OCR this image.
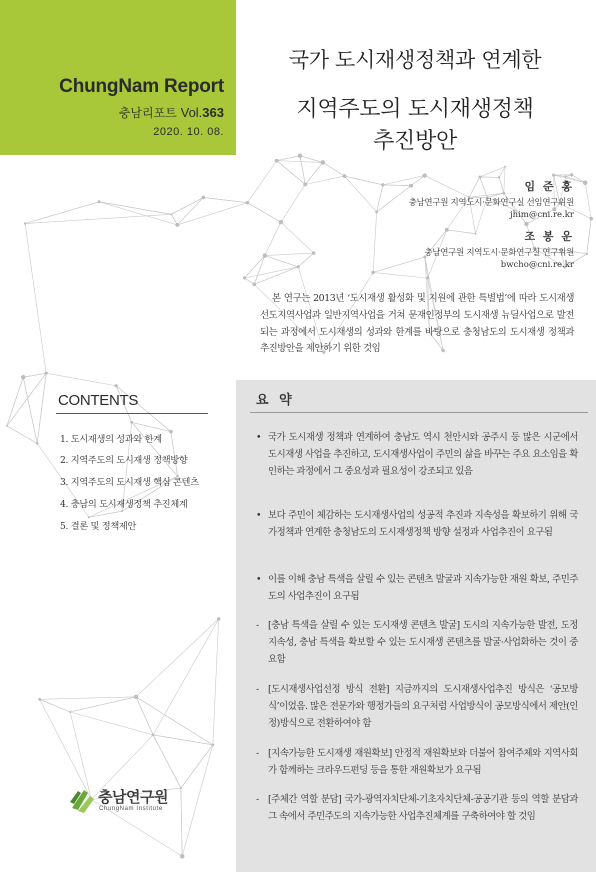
ChungNam Report
충남리포트 Vol.363
2020. 10. 08.
국가 도시재생정책과 연계한
지역주도의 도시재생정책
추진방안
임 준 홍
충남연구원 지역도시·문화연구실 선임연구위원
jhim@cni.re.kr
조 봉 운
충남연구원 지역도시·문화연구실 연구위원
bwcho@cni.re.kr
본 연구는 2013년 ‘도시재생 활성화 및 지원에 관한 특별법’에 따라 도시재생 선도지역사업과 일반지역사업을 거쳐 문재인정부의 도시재생 뉴딜사업으로 발전되는 과정에서 도시재생의 성과와 한계를 바탕으로 충청남도의 도시재생 정책과 추진방안을 제안하기 위한 것임
CONTENTS
1. 도시재생의 성과와 한계
2. 지역주도의 도시재생 정책방향
3. 지역주도의 도시재생 핵심 콘텐츠
4. 충남의 도시재생정책 추진체계
5. 결론 및 정책제안
요 약
• 국가 도시재생 정책과 연계하여 충남도 역시 천안시와 공주시 등 많은 시군에서 도시재생 사업을 추진하고, 도시재생사업이 주민의 삶을 바꾸는 주요 요소임을 확인하는 과정에서 그 중요성과 필요성이 강조되고 있음
• 보다 주민이 체감하는 도시재생사업의 성공적 추진과 지속성을 확보하기 위해 국가정책과 연계한 충청남도의 도시재생정책 방향 설정과 사업추진이 요구됨
• 이를 이해 충남 특색을 살릴 수 있는 콘텐츠 발굴과 지속가능한 재원 확보, 주민주도의 사업추진이 요구됨
- [충남 특색을 살릴 수 있는 도시재생 콘텐츠 발굴] 도시의 지속가능한 발전, 도정 지속성, 충남 특색을 확보할 수 있는 도시재생 콘텐츠를 발굴·사업화하는 것이 중요함
- [도시재생사업선정 방식 전환] 지금까지의 도시재생사업추진 방식은 ‘공모방식’이었음. 많은 전문가와 행정가들의 요구처럼 사업방식이 공모방식에서 제안(인정)방식으로 전환하여야 함
- [지속가능한 도시재생 재원확보] 안정적 재원확보와 더불어 참여주체와 지역사회가 함께하는 크라우드펀딩 등을 통한 재원확보가 요구됨
- [주체간 역할 분담] 국가-광역자치단체-기초자치단체-공공기관 등의 역할 분담과 그 속에서 주민주도의 지속가능한 사업추진체계를 구축하여야 할 것임
충남연구원
ChungNam Institute
